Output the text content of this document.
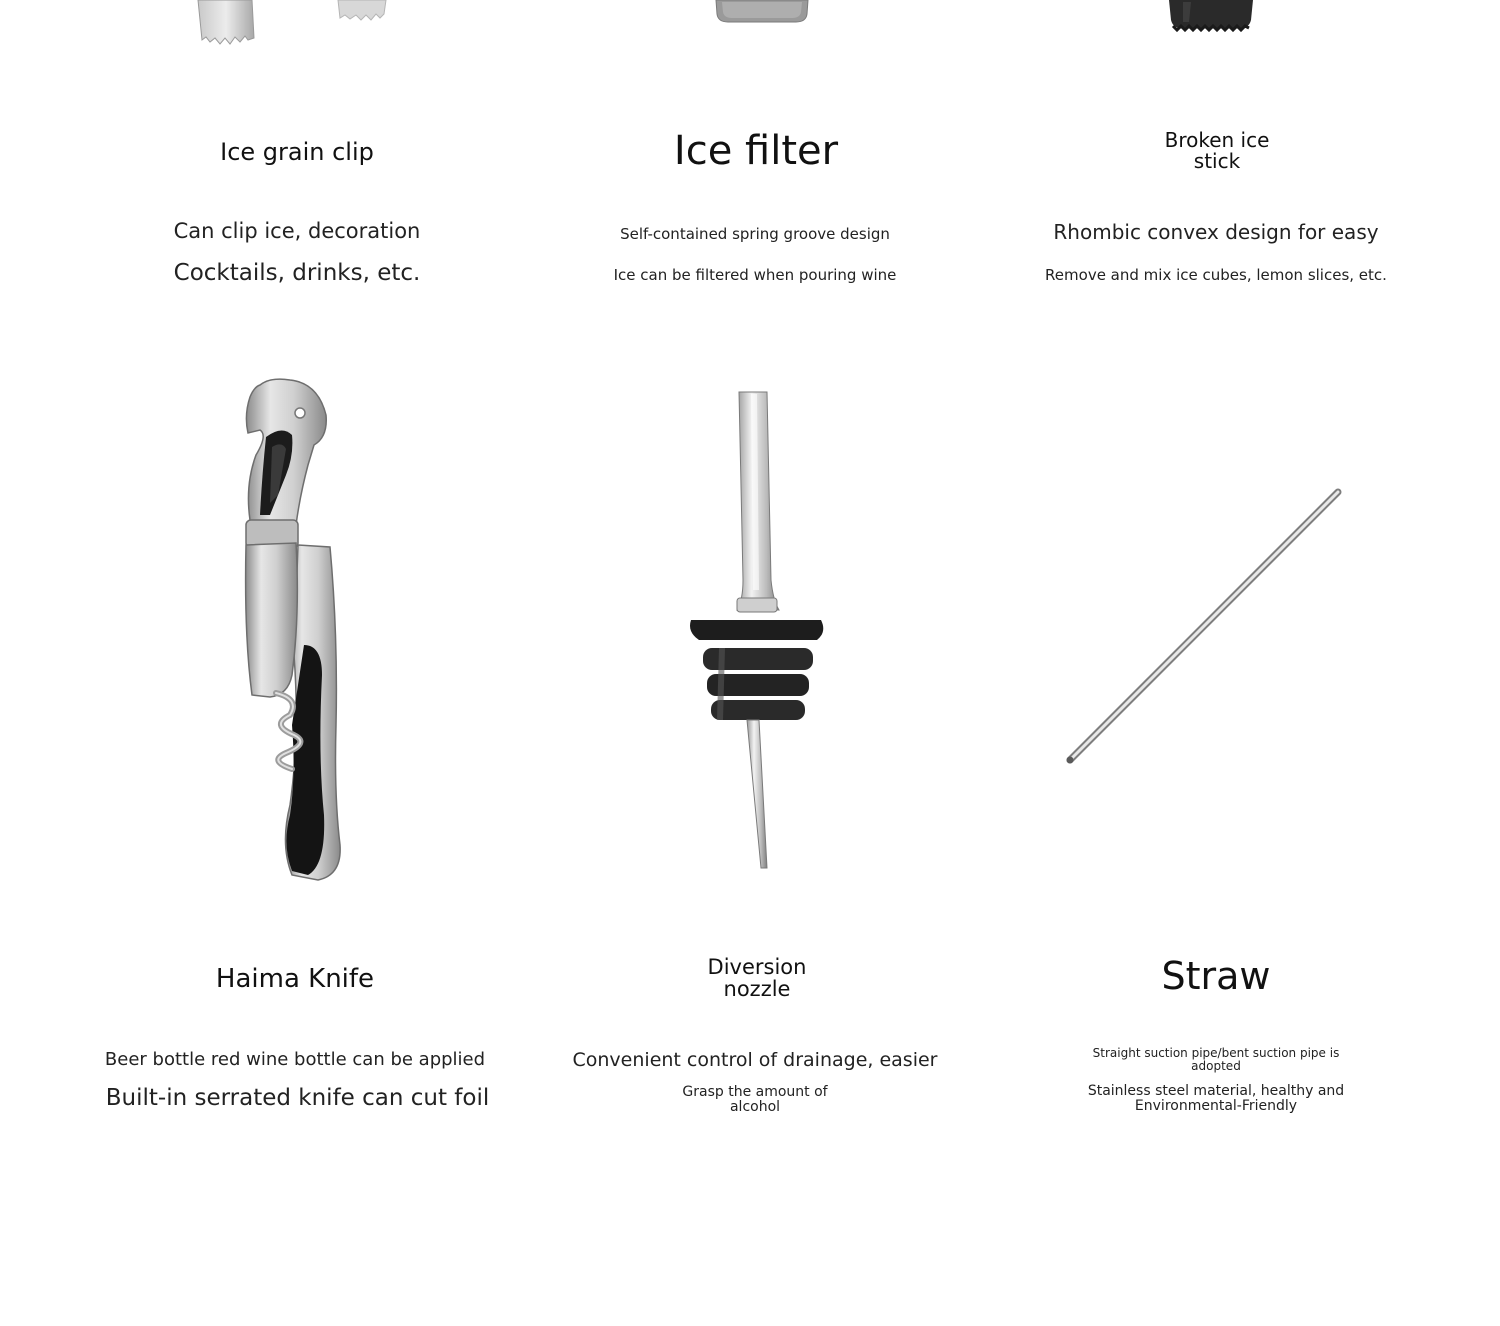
Ice grain clip
Can clip ice, decoration
Cocktails, drinks, etc.
Ice filter
Self-contained spring groove design
Ice can be filtered when pouring wine
Broken ice stick
Rhombic convex design for easy
Remove and mix ice cubes, lemon slices, etc.
Haima Knife
Beer bottle red wine bottle can be applied
Built-in serrated knife can cut foil
Diversion nozzle
Convenient control of drainage, easier
Grasp the amount of alcohol
Straw
Straight suction pipe/bent suction pipe is adopted
Stainless steel material, healthy and Environmental-Friendly
